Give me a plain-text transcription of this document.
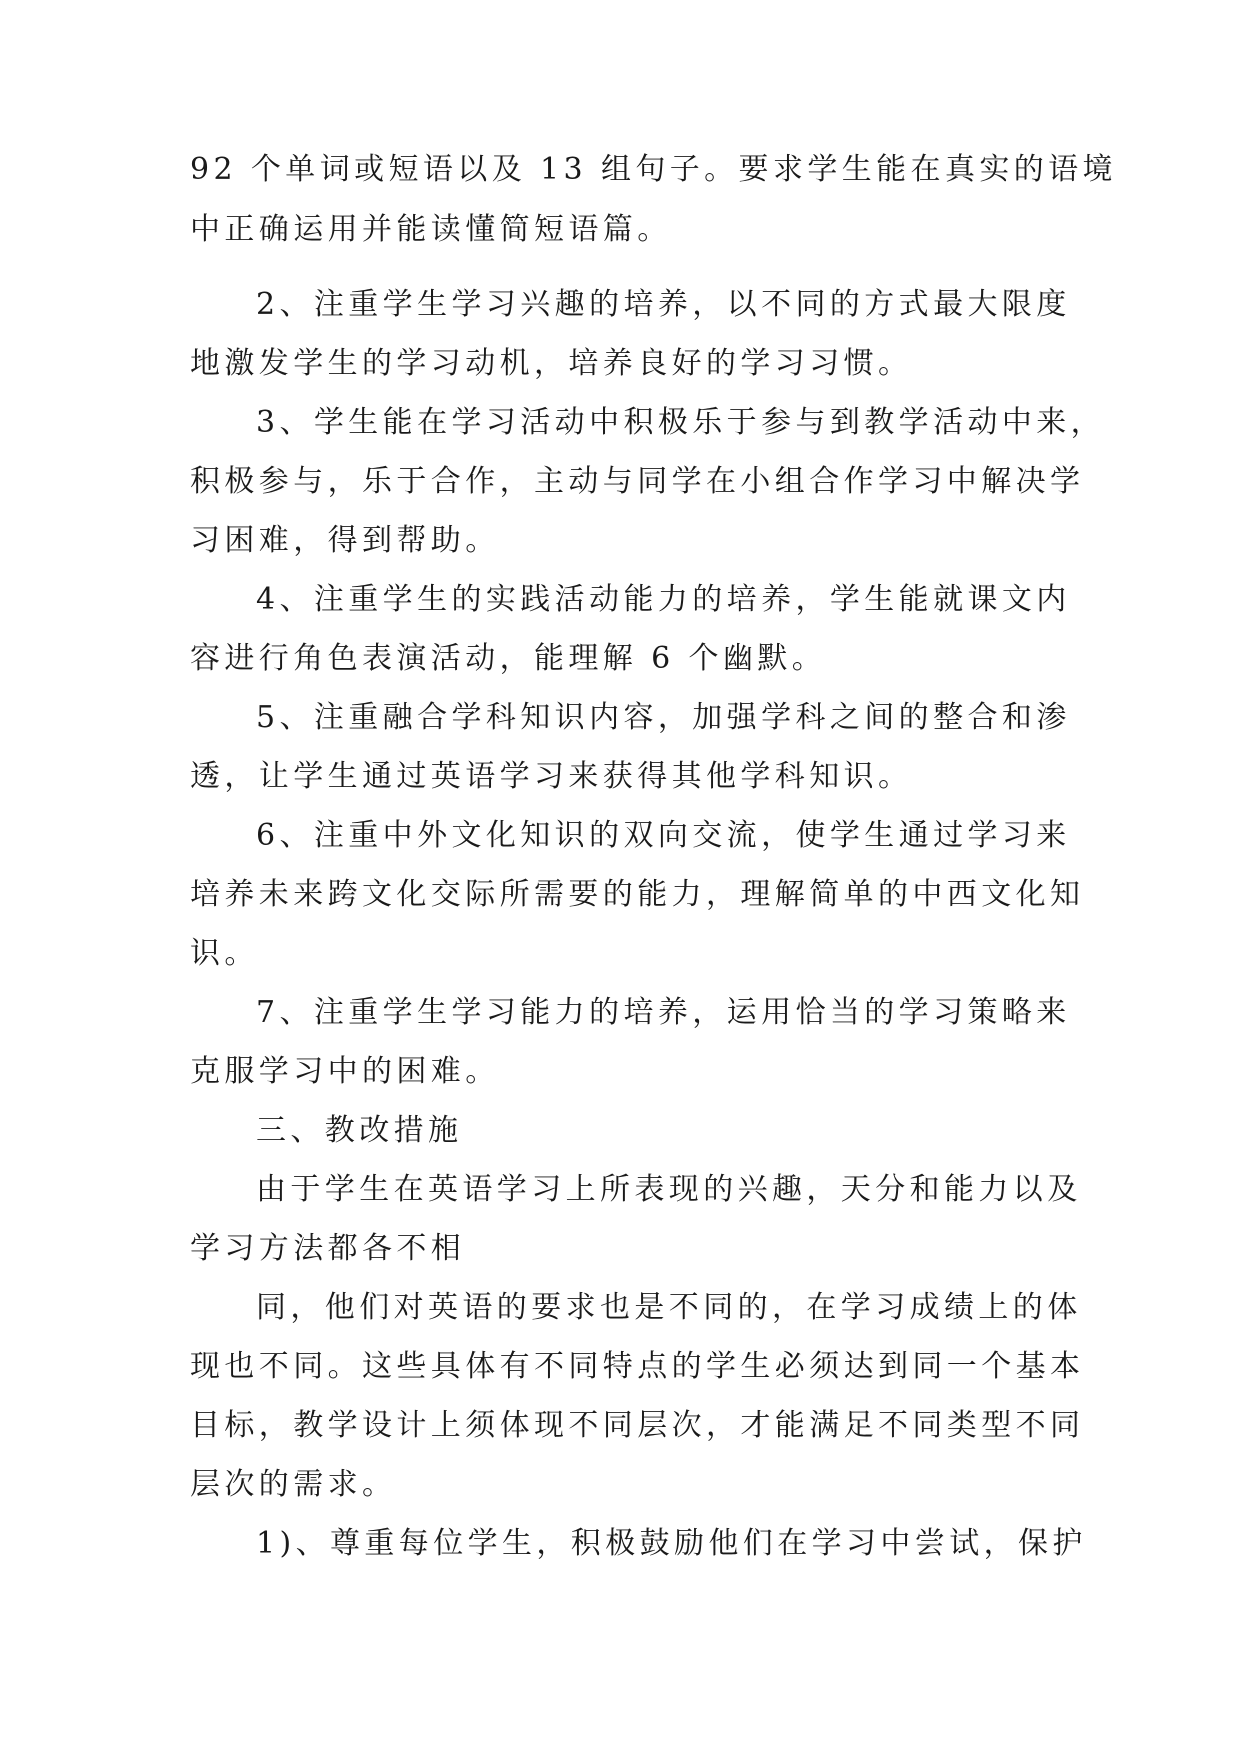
92 个单词或短语以及 13 组句子。要求学生能在真实的语境
中正确运用并能读懂简短语篇。
2、注重学生学习兴趣的培养，以不同的方式最大限度
地激发学生的学习动机，培养良好的学习习惯。
3、学生能在学习活动中积极乐于参与到教学活动中来，
积极参与，乐于合作，主动与同学在小组合作学习中解决学
习困难，得到帮助。
4、注重学生的实践活动能力的培养，学生能就课文内
容进行角色表演活动，能理解 6 个幽默。
5、注重融合学科知识内容，加强学科之间的整合和渗
透，让学生通过英语学习来获得其他学科知识。
6、注重中外文化知识的双向交流，使学生通过学习来
培养未来跨文化交际所需要的能力，理解简单的中西文化知
识。
7、注重学生学习能力的培养，运用恰当的学习策略来
克服学习中的困难。
三、教改措施
由于学生在英语学习上所表现的兴趣，天分和能力以及
学习方法都各不相
同，他们对英语的要求也是不同的，在学习成绩上的体
现也不同。这些具体有不同特点的学生必须达到同一个基本
目标，教学设计上须体现不同层次，才能满足不同类型不同
层次的需求。
1)、尊重每位学生，积极鼓励他们在学习中尝试，保护
